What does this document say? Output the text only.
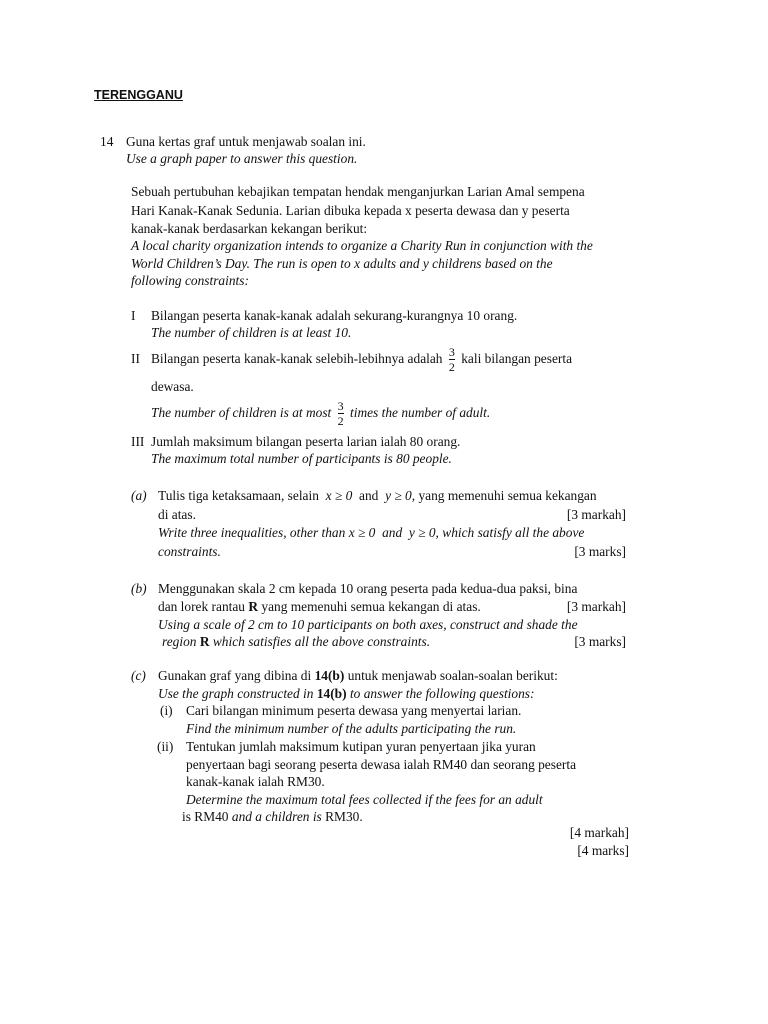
TERENGGANU
14 Guna kertas graf untuk menjawab soalan ini.
Use a graph paper to answer this question.
Sebuah pertubuhan kebajikan tempatan hendak menganjurkan Larian Amal sempena
Hari Kanak-Kanak Sedunia. Larian dibuka kepada x peserta dewasa dan y peserta
kanak-kanak berdasarkan kekangan berikut:
A local charity organization intends to organize a Charity Run in conjunction with the
World Children’s Day. The run is open to x adults and y childrens based on the
following constraints:
I Bilangan peserta kanak-kanak adalah sekurang-kurangnya 10 orang.
The number of children is at least 10.
II Bilangan peserta kanak-kanak selebih-lebihnya adalah $\frac{3}{2}$ kali bilangan peserta
dewasa.
The number of children is at most $\frac{3}{2}$ times the number of adult.
III Jumlah maksimum bilangan peserta larian ialah 80 orang.
The maximum total number of participants is 80 people.
(a) Tulis tiga ketaksamaan, selain x ≥ 0 and y ≥ 0, yang memenuhi semua kekangan
di atas.	[3 markah]
Write three inequalities, other than x ≥ 0 and y ≥ 0, which satisfy all the above
constraints.	[3 marks]
(b) Menggunakan skala 2 cm kepada 10 orang peserta pada kedua-dua paksi, bina
dan lorek rantau R yang memenuhi semua kekangan di atas.	[3 markah]
Using a scale of 2 cm to 10 participants on both axes, construct and shade the
region R which satisfies all the above constraints.	[3 marks]
(c) Gunakan graf yang dibina di 14(b) untuk menjawab soalan-soalan berikut:
Use the graph constructed in 14(b) to answer the following questions:
(i) Cari bilangan minimum peserta dewasa yang menyertai larian.
Find the minimum number of the adults participating the run.
(ii) Tentukan jumlah maksimum kutipan yuran penyertaan jika yuran
penyertaan bagi seorang peserta dewasa ialah RM40 dan seorang peserta
kanak-kanak ialah RM30.
Determine the maximum total fees collected if the fees for an adult
is RM40 and a children is RM30.
[4 markah]
[4 marks]
